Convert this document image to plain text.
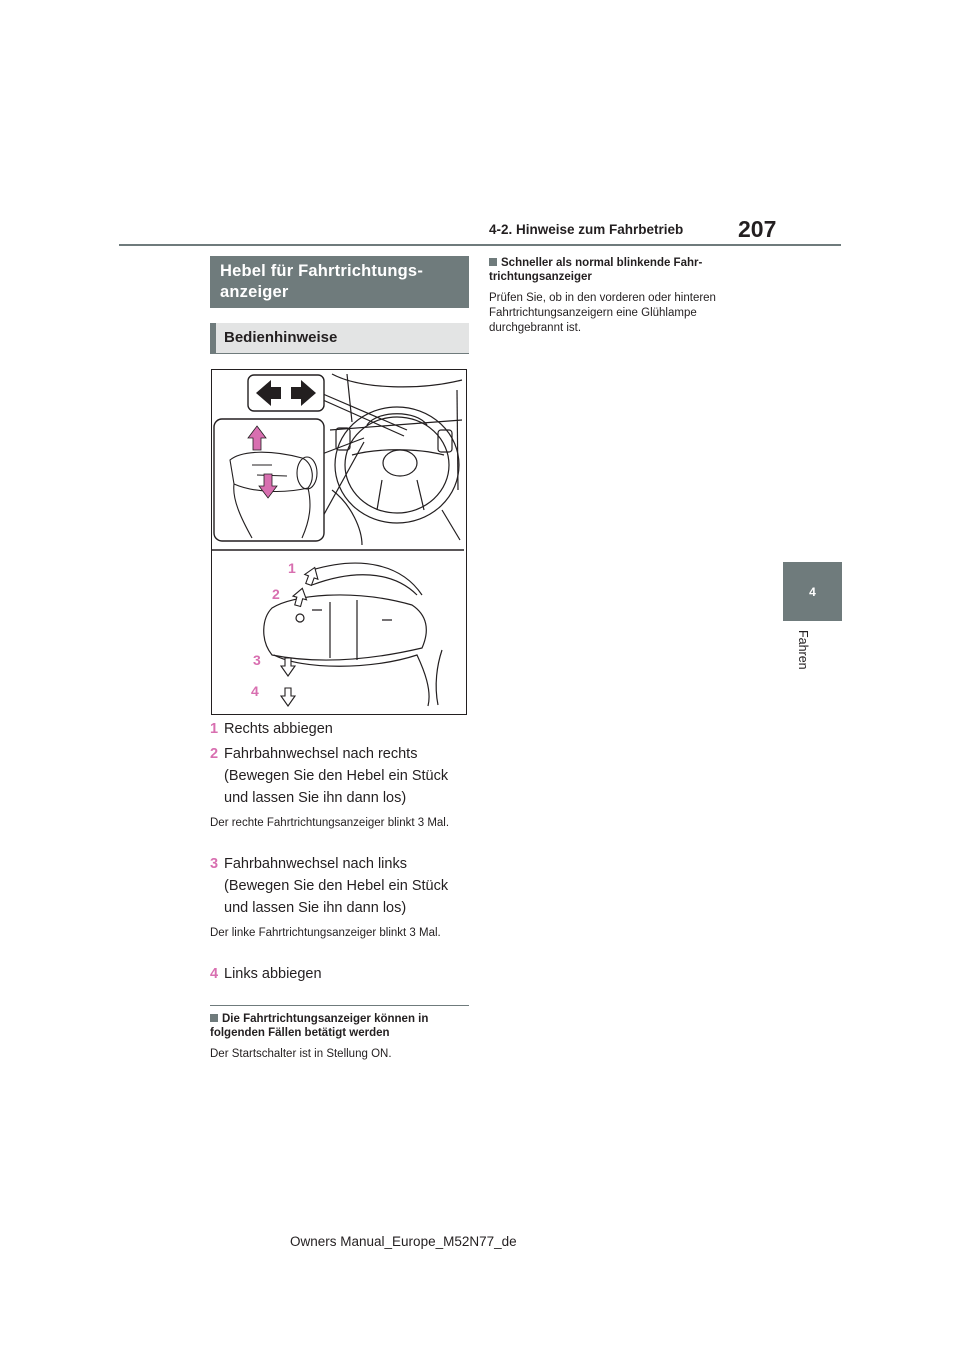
4-2. Hinweise zum Fahrbetrieb 207
4
Fahren
Hebel für Fahrtrichtungs-
anzeiger
Bedienhinweise
1
2
3
4
1 Rechts abbiegen
2 Fahrbahnwechsel nach rechts (Bewegen Sie den Hebel ein Stück und lassen Sie ihn dann los)
Der rechte Fahrtrichtungsanzeiger blinkt 3 Mal.
3 Fahrbahnwechsel nach links (Bewegen Sie den Hebel ein Stück und lassen Sie ihn dann los)
Der linke Fahrtrichtungsanzeiger blinkt 3 Mal.
4 Links abbiegen
Die Fahrtrichtungsanzeiger können in folgenden Fällen betätigt werden
Der Startschalter ist in Stellung ON.
Schneller als normal blinkende Fahr-trichtungsanzeiger
Prüfen Sie, ob in den vorderen oder hinteren Fahrtrichtungsanzeigern eine Glühlampe durchgebrannt ist.
Owners Manual_Europe_M52N77_de
